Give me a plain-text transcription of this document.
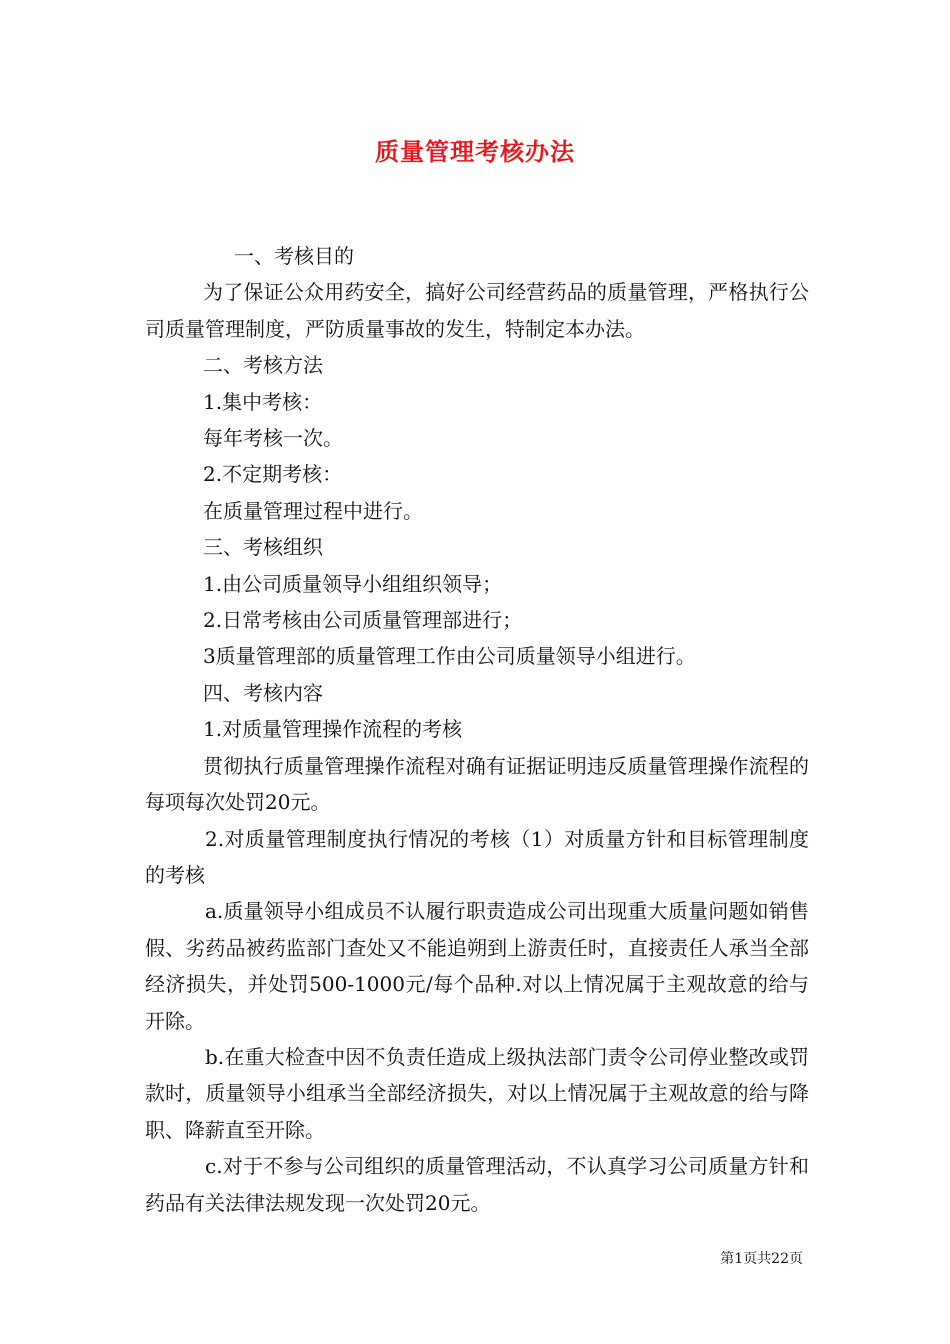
质量管理考核办法
一、考核目的
为了保证公众用药安全，搞好公司经营药品的质量管理，严格执行公司质量管理制度，严防质量事故的发生，特制定本办法。
二、考核方法
1.集中考核：
每年考核一次。
2.不定期考核：
在质量管理过程中进行。
三、考核组织
1.由公司质量领导小组组织领导；
2.日常考核由公司质量管理部进行；
3质量管理部的质量管理工作由公司质量领导小组进行。
四、考核内容
1.对质量管理操作流程的考核
贯彻执行质量管理操作流程对确有证据证明违反质量管理操作流程的每项每次处罚20元。
2.对质量管理制度执行情况的考核（1）对质量方针和目标管理制度的考核
a.质量领导小组成员不认履行职责造成公司出现重大质量问题如销售假、劣药品被药监部门查处又不能追朔到上游责任时，直接责任人承当全部经济损失，并处罚500-1000元/每个品种.对以上情况属于主观故意的给与开除。
b.在重大检查中因不负责任造成上级执法部门责令公司停业整改或罚款时，质量领导小组承当全部经济损失，对以上情况属于主观故意的给与降职、降薪直至开除。
c.对于不参与公司组织的质量管理活动，不认真学习公司质量方针和药品有关法律法规发现一次处罚20元。
第1页共22页
